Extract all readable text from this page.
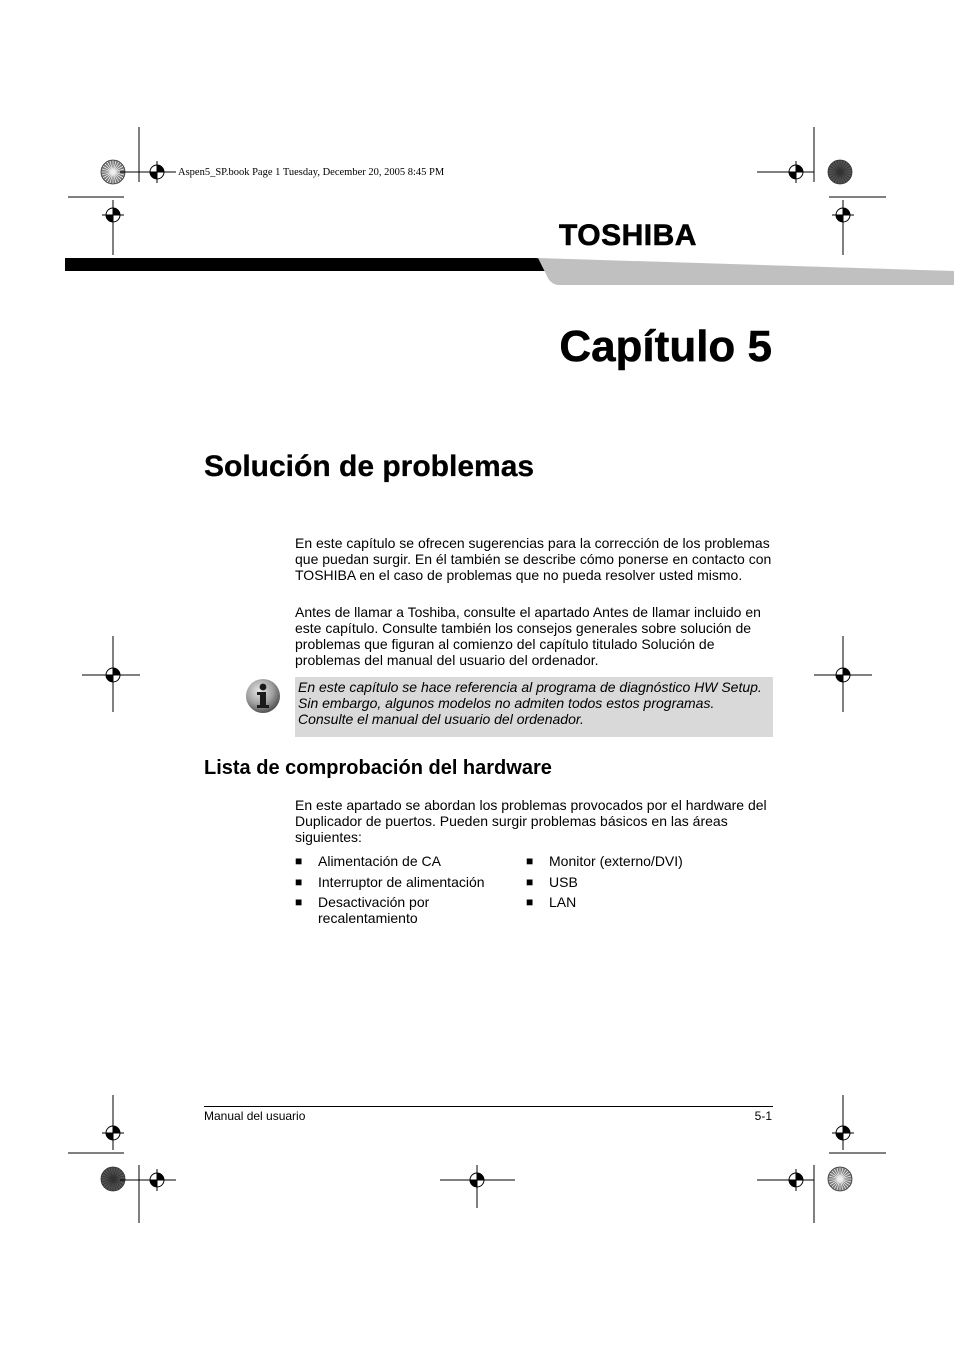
Aspen5_SP.book Page 1 Tuesday, December 20, 2005 8:45 PM
TOSHIBA
Capítulo 5
Solución de problemas

En este capítulo se ofrecen sugerencias para la corrección de los problemas que puedan surgir. En él también se describe cómo ponerse en contacto con TOSHIBA en el caso de problemas que no pueda resolver usted mismo.

Antes de llamar a Toshiba, consulte el apartado Antes de llamar incluido en este capítulo. Consulte también los consejos generales sobre solución de problemas que figuran al comienzo del capítulo titulado Solución de problemas del manual del usuario del ordenador.

En este capítulo se hace referencia al programa de diagnóstico HW Setup. Sin embargo, algunos modelos no admiten todos estos programas. Consulte el manual del usuario del ordenador.

Lista de comprobación del hardware

En este apartado se abordan los problemas provocados por el hardware del Duplicador de puertos. Pueden surgir problemas básicos en las áreas siguientes:

■ Alimentación de CA
■ Interruptor de alimentación
■ Desactivación por recalentamiento
■ Monitor (externo/DVI)
■ USB
■ LAN
Manual del usuario	5-1
